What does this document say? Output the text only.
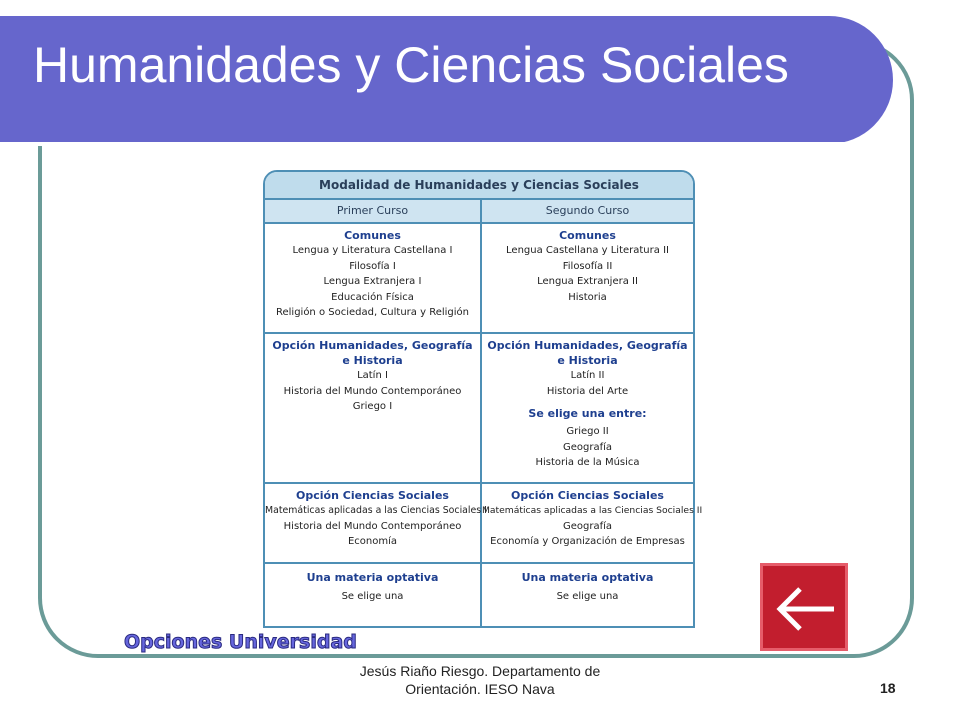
Humanidades y Ciencias Sociales
Modalidad de Humanidades y Ciencias Sociales
Primer Curso	Segundo Curso
Comunes
Lengua y Literatura Castellana I
Filosofía I
Lengua Extranjera I
Educación Física
Religión o Sociedad, Cultura y Religión
Comunes
Lengua Castellana y Literatura II
Filosofía II
Lengua Extranjera II
Historia
Opción Humanidades, Geografía
e Historia
Latín I
Historia del Mundo Contemporáneo
Griego I
Opción Humanidades, Geografía
e Historia
Latín II
Historia del Arte
Se elige una entre:
Griego II
Geografía
Historia de la Música
Opción Ciencias Sociales
Matemáticas aplicadas a las Ciencias Sociales I
Historia del Mundo Contemporáneo
Economía
Opción Ciencias Sociales
Matemáticas aplicadas a las Ciencias Sociales II
Geografía
Economía y Organización de Empresas
Una materia optativa
Se elige una
Una materia optativa
Se elige una
Opciones Universidad
Jesús Riaño Riesgo. Departamento de
Orientación. IESO Nava	18
